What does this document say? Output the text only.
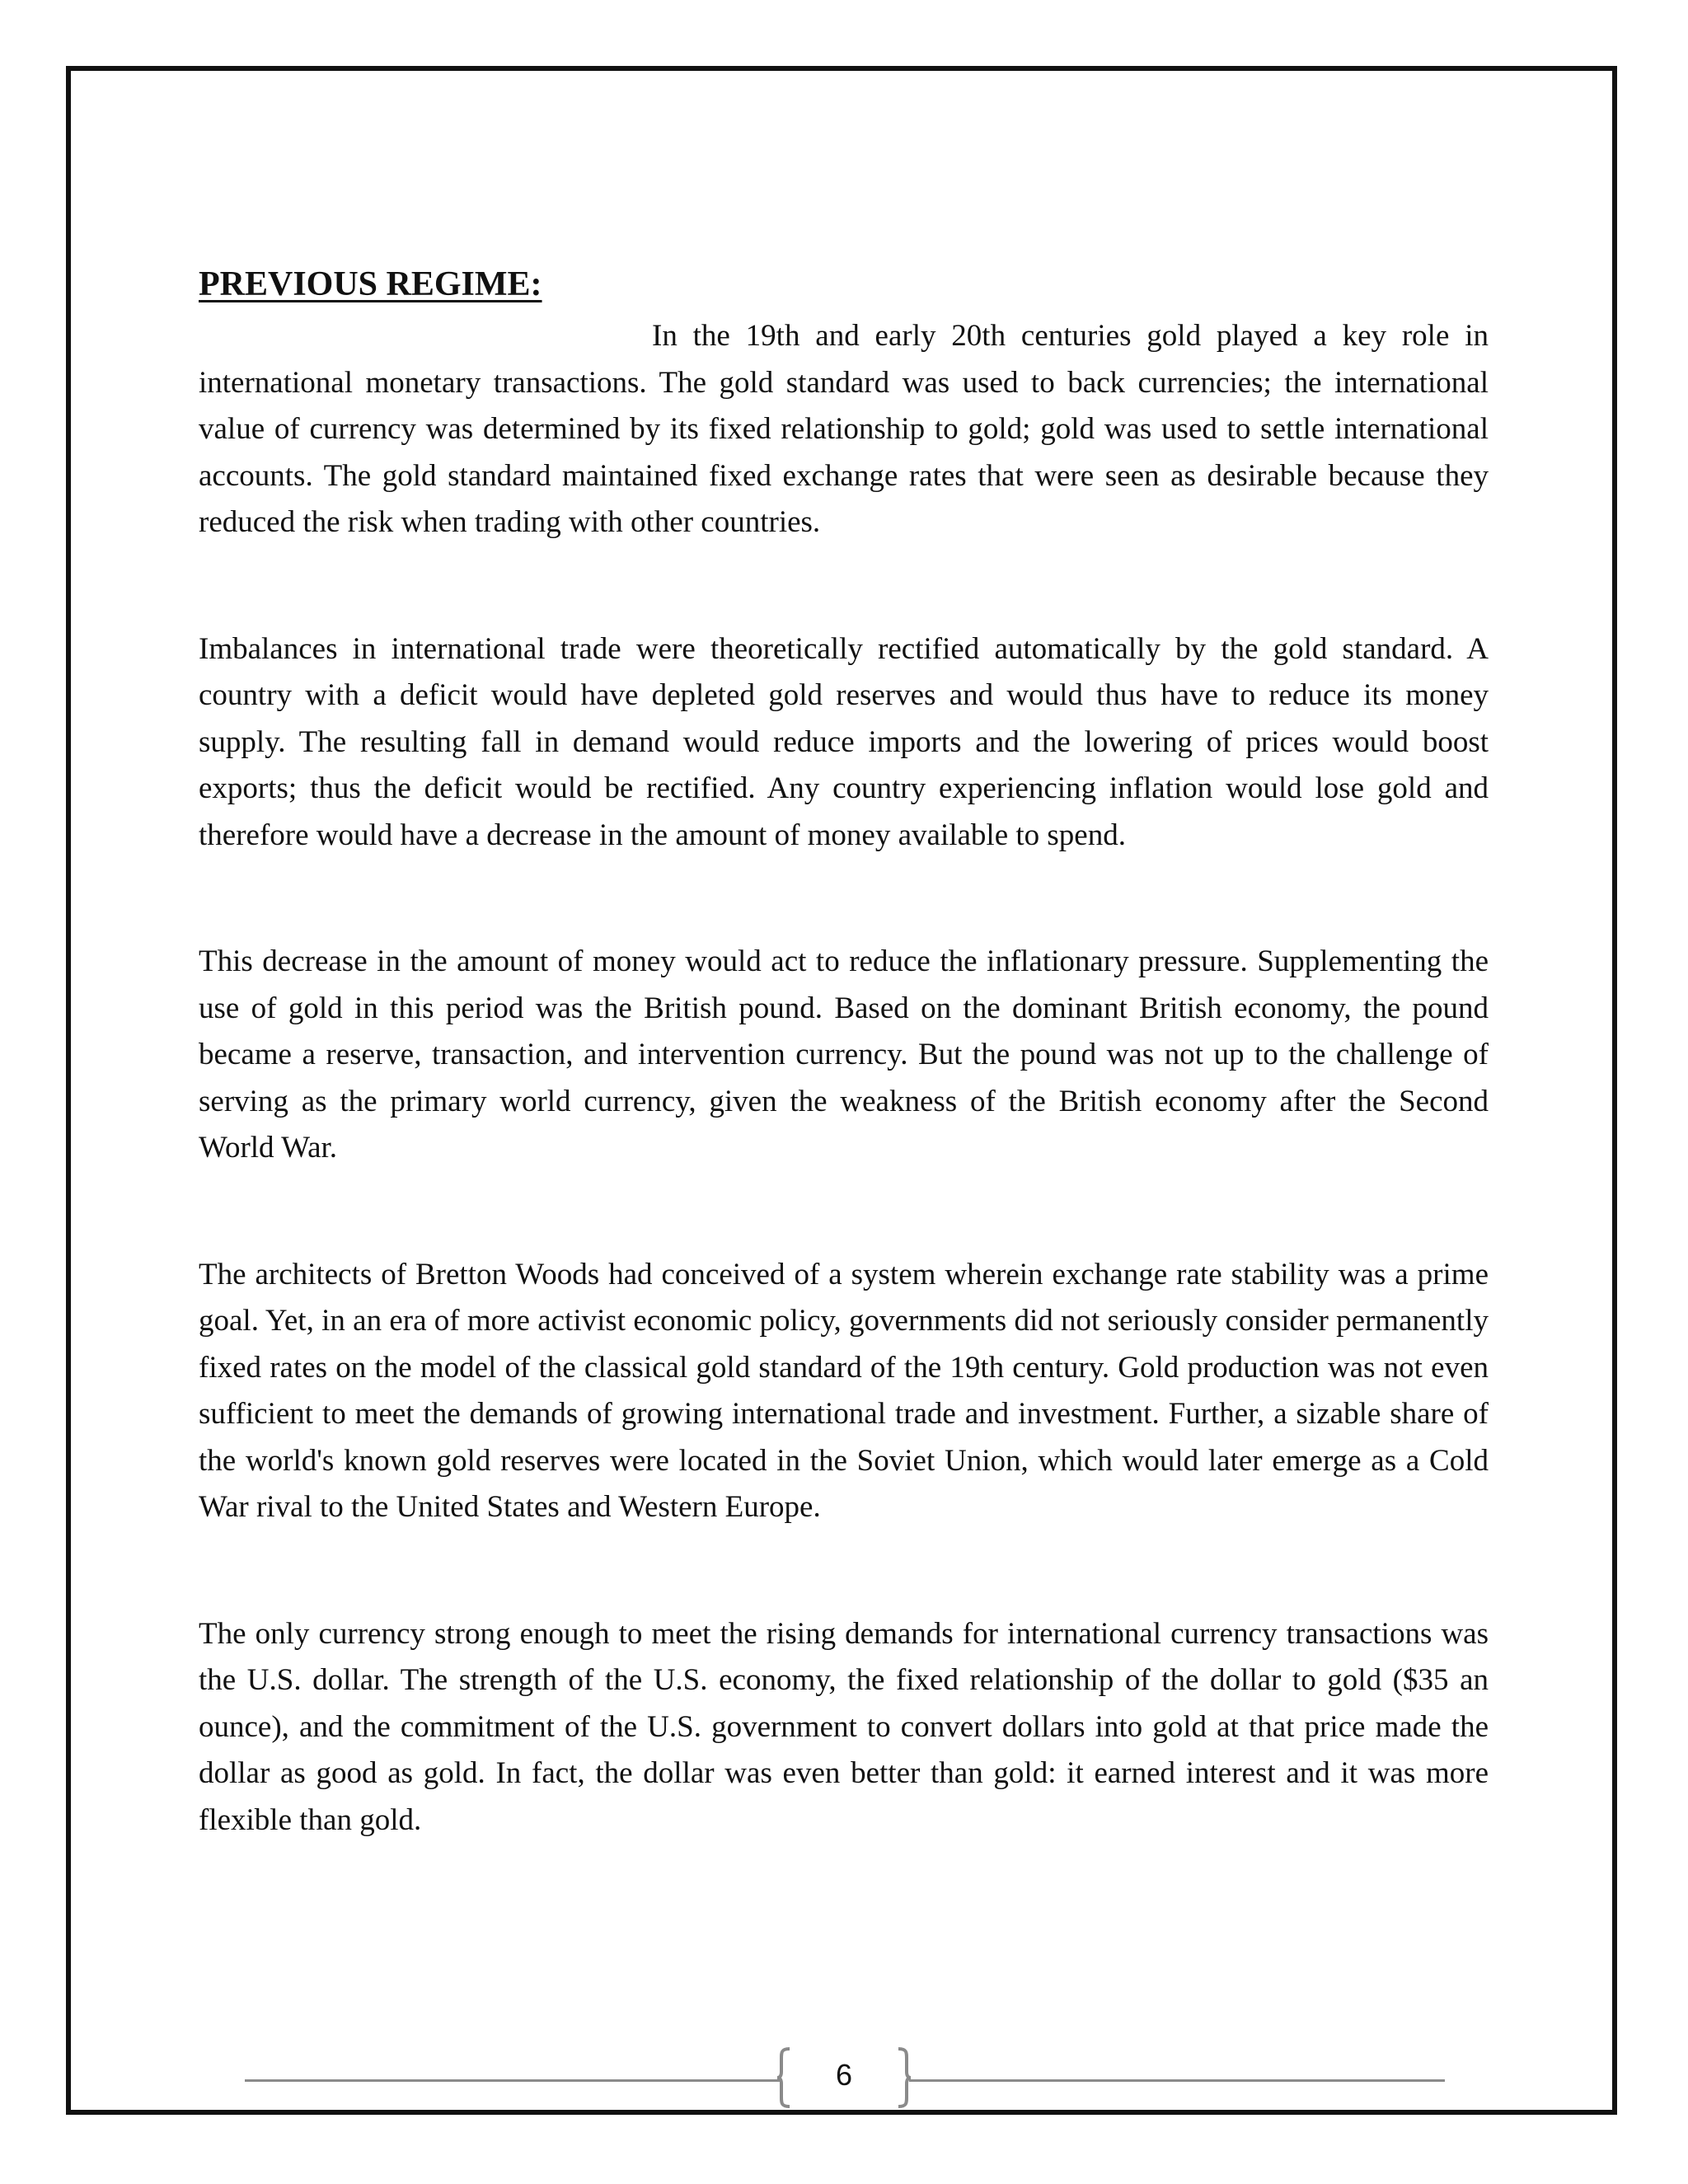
PREVIOUS REGIME:

In the 19th and early 20th centuries gold played a key role in international monetary transactions. The gold standard was used to back currencies; the international value of currency was determined by its fixed relationship to gold; gold was used to settle international accounts. The gold standard maintained fixed exchange rates that were seen as desirable because they reduced the risk when trading with other countries.

Imbalances in international trade were theoretically rectified automatically by the gold standard. A country with a deficit would have depleted gold reserves and would thus have to reduce its money supply. The resulting fall in demand would reduce imports and the lowering of prices would boost exports; thus the deficit would be rectified. Any country experiencing inflation would lose gold and therefore would have a decrease in the amount of money available to spend.

This decrease in the amount of money would act to reduce the inflationary pressure. Supplementing the use of gold in this period was the British pound. Based on the dominant British economy, the pound became a reserve, transaction, and intervention currency. But the pound was not up to the challenge of serving as the primary world currency, given the weakness of the British economy after the Second World War.

The architects of Bretton Woods had conceived of a system wherein exchange rate stability was a prime goal. Yet, in an era of more activist economic policy, governments did not seriously consider permanently fixed rates on the model of the classical gold standard of the 19th century. Gold production was not even sufficient to meet the demands of growing international trade and investment. Further, a sizable share of the world's known gold reserves were located in the Soviet Union, which would later emerge as a Cold War rival to the United States and Western Europe.

The only currency strong enough to meet the rising demands for international currency transactions was the U.S. dollar. The strength of the U.S. economy, the fixed relationship of the dollar to gold ($35 an ounce), and the commitment of the U.S. government to convert dollars into gold at that price made the dollar as good as gold. In fact, the dollar was even better than gold: it earned interest and it was more flexible than gold.

6
